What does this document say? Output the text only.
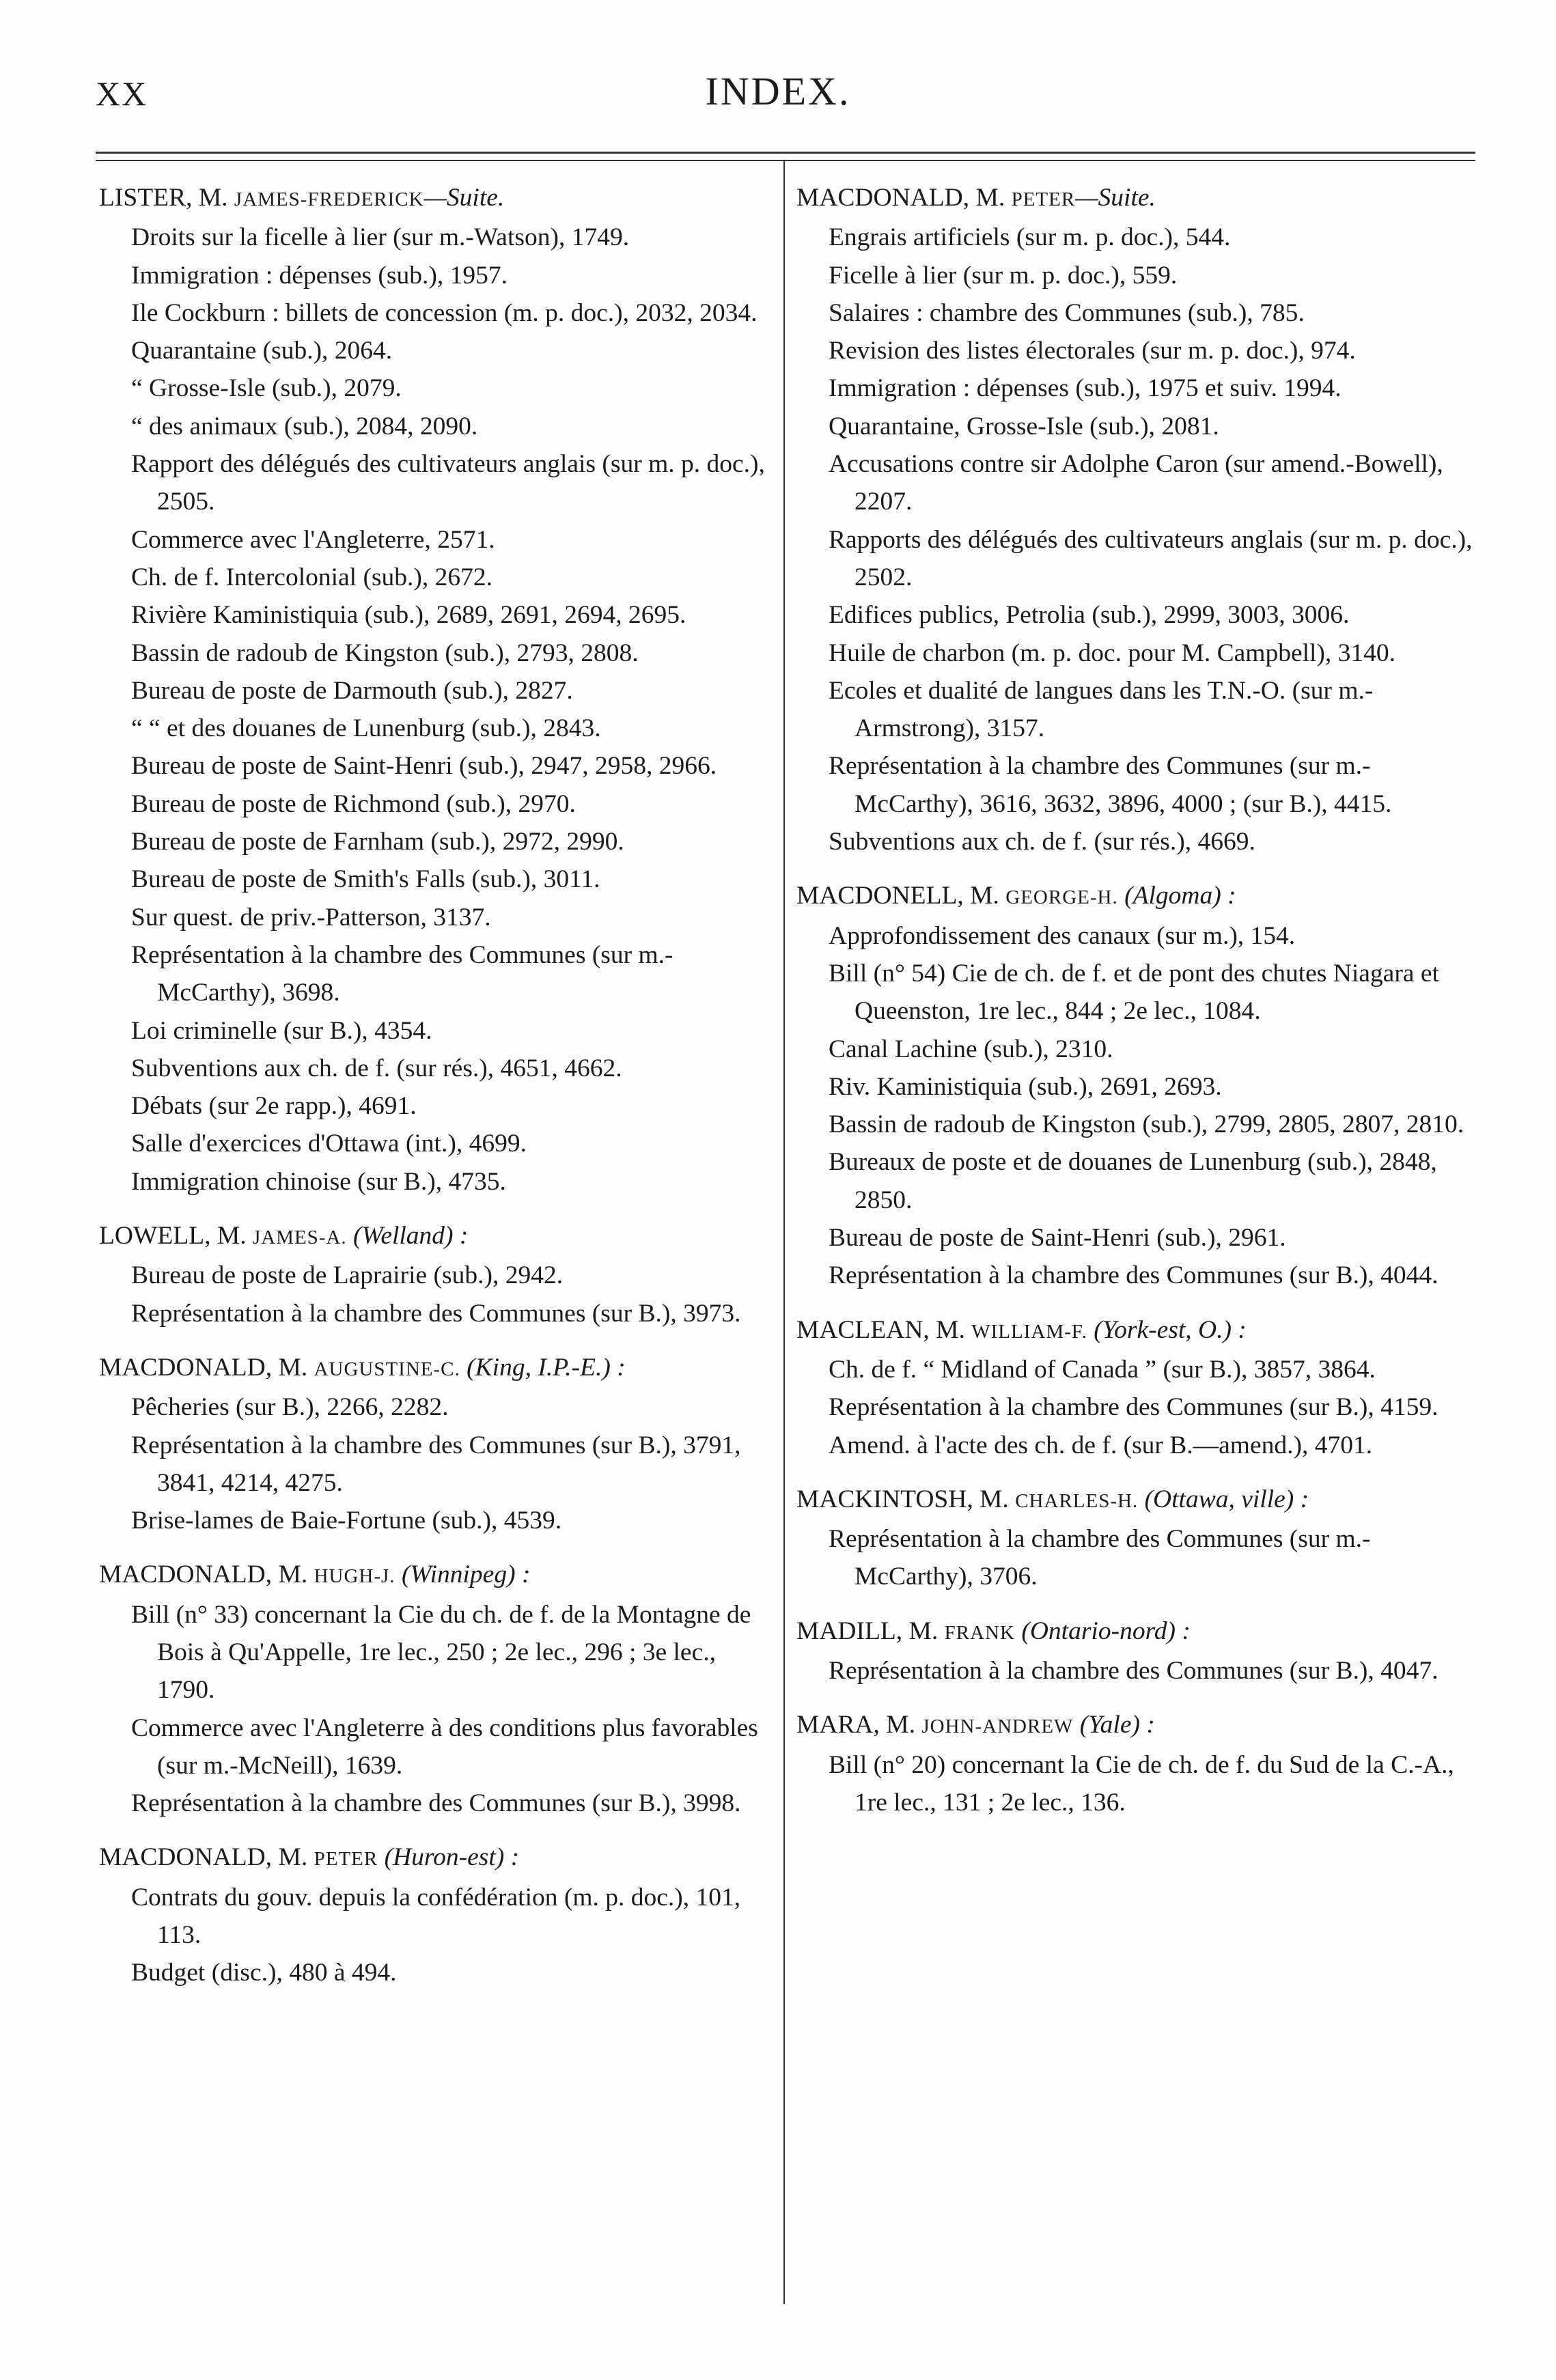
XX	INDEX.
LISTER, M. JAMES-FREDERICK—Suite.
Droits sur la ficelle à lier (sur m.-Watson), 1749.
Immigration : dépenses (sub.), 1957.
Ile Cockburn : billets de concession (m. p. doc.), 2032, 2034.
Quarantaine (sub.), 2064.
“ Grosse-Isle (sub.), 2079.
“ des animaux (sub.), 2084, 2090.
Rapport des délégués des cultivateurs anglais (sur m. p. doc.), 2505.
Commerce avec l'Angleterre, 2571.
Ch. de f. Intercolonial (sub.), 2672.
Rivière Kaministiquia (sub.), 2689, 2691, 2694, 2695.
Bassin de radoub de Kingston (sub.), 2793, 2808.
Bureau de poste de Darmouth (sub.), 2827.
“ “ et des douanes de Lunenburg (sub.), 2843.
Bureau de poste de Saint-Henri (sub.), 2947, 2958, 2966.
Bureau de poste de Richmond (sub.), 2970.
Bureau de poste de Farnham (sub.), 2972, 2990.
Bureau de poste de Smith's Falls (sub.), 3011.
Sur quest. de priv.-Patterson, 3137.
Représentation à la chambre des Communes (sur m.-McCarthy), 3698.
Loi criminelle (sur B.), 4354.
Subventions aux ch. de f. (sur rés.), 4651, 4662.
Débats (sur 2e rapp.), 4691.
Salle d'exercices d'Ottawa (int.), 4699.
Immigration chinoise (sur B.), 4735.
LOWELL, M. JAMES-A. (Welland) :
Bureau de poste de Laprairie (sub.), 2942.
Représentation à la chambre des Communes (sur B.), 3973.
MACDONALD, M. AUGUSTINE-C. (King, I.P.-E.) :
Pêcheries (sur B.), 2266, 2282.
Représentation à la chambre des Communes (sur B.), 3791, 3841, 4214, 4275.
Brise-lames de Baie-Fortune (sub.), 4539.
MACDONALD, M. HUGH-J. (Winnipeg) :
Bill (n° 33) concernant la Cie du ch. de f. de la Montagne de Bois à Qu'Appelle, 1re lec., 250 ; 2e lec., 296 ; 3e lec., 1790.
Commerce avec l'Angleterre à des conditions plus favorables (sur m.-McNeill), 1639.
Représentation à la chambre des Communes (sur B.), 3998.
MACDONALD, M. PETER (Huron-est) :
Contrats du gouv. depuis la confédération (m. p. doc.), 101, 113.
Budget (disc.), 480 à 494.
MACDONALD, M. PETER—Suite.
Engrais artificiels (sur m. p. doc.), 544.
Ficelle à lier (sur m. p. doc.), 559.
Salaires : chambre des Communes (sub.), 785.
Revision des listes électorales (sur m. p. doc.), 974.
Immigration : dépenses (sub.), 1975 et suiv. 1994.
Quarantaine, Grosse-Isle (sub.), 2081.
Accusations contre sir Adolphe Caron (sur amend.-Bowell), 2207.
Rapports des délégués des cultivateurs anglais (sur m. p. doc.), 2502.
Edifices publics, Petrolia (sub.), 2999, 3003, 3006.
Huile de charbon (m. p. doc. pour M. Campbell), 3140.
Ecoles et dualité de langues dans les T.N.-O. (sur m.-Armstrong), 3157.
Représentation à la chambre des Communes (sur m.-McCarthy), 3616, 3632, 3896, 4000 ; (sur B.), 4415.
Subventions aux ch. de f. (sur rés.), 4669.
MACDONELL, M. GEORGE-H. (Algoma) :
Approfondissement des canaux (sur m.), 154.
Bill (n° 54) Cie de ch. de f. et de pont des chutes Niagara et Queenston, 1re lec., 844 ; 2e lec., 1084.
Canal Lachine (sub.), 2310.
Riv. Kaministiquia (sub.), 2691, 2693.
Bassin de radoub de Kingston (sub.), 2799, 2805, 2807, 2810.
Bureaux de poste et de douanes de Lunenburg (sub.), 2848, 2850.
Bureau de poste de Saint-Henri (sub.), 2961.
Représentation à la chambre des Communes (sur B.), 4044.
MACLEAN, M. WILLIAM-F. (York-est, O.) :
Ch. de f. “ Midland of Canada ” (sur B.), 3857, 3864.
Représentation à la chambre des Communes (sur B.), 4159.
Amend. à l'acte des ch. de f. (sur B.—amend.), 4701.
MACKINTOSH, M. CHARLES-H. (Ottawa, ville) :
Représentation à la chambre des Communes (sur m.-McCarthy), 3706.
MADILL, M. FRANK (Ontario-nord) :
Représentation à la chambre des Communes (sur B.), 4047.
MARA, M. JOHN-ANDREW (Yale) :
Bill (n° 20) concernant la Cie de ch. de f. du Sud de la C.-A., 1re lec., 131 ; 2e lec., 136.
